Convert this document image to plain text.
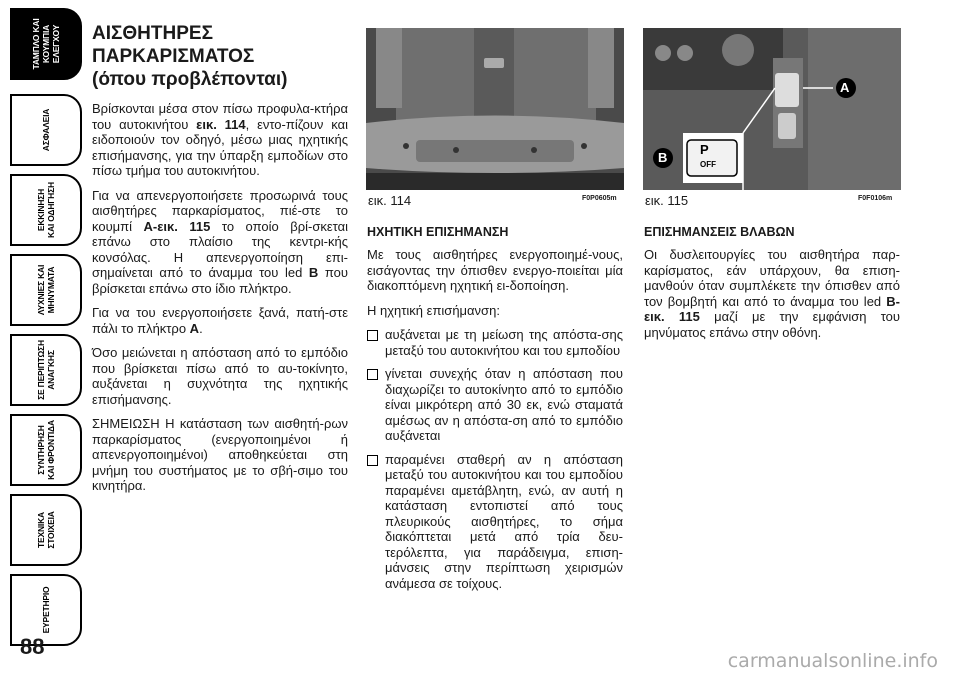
ΤΑΜΠΛΟ ΚΑΙ
ΚΟΥΜΠΙΑ
ΕΛΕΓΧΟΥ
ΑΣΦΑΛΕΙΑ
ΕΚΚΙΝΗΣΗ
ΚΑΙ ΟΔΗΓΗΣΗ
ΛΥΧΝΙΕΣ ΚΑΙ
ΜΗΝΥΜΑΤΑ
ΣΕ ΠΕΡΙΠΤΩΣΗ
ΑΝΑΓΚΗΣ
ΣΥΝΤΗΡΗΣΗ
ΚΑΙ ΦΡΟΝΤΙΔΑ
ΤΕΧΝΙΚΑ
ΣΤΟΙΧΕΙΑ
ΕΥΡΕΤΗΡΙΟ
88
ΑΙΣΘΗΤΗΡΕΣ
ΠΑΡΚΑΡΙΣΜΑΤΟΣ
(όπου προβλέπονται)

Βρίσκονται μέσα στον πίσω προφυλα-κτήρα του αυτοκινήτου εικ. 114, εντο-πίζουν και ειδοποιούν τον οδηγό, μέσω μιας ηχητικής επισήμανσης, για την ύπαρξη εμποδίων στο πίσω τμήμα του αυτοκινήτου.

Για να απενεργοποιήσετε προσωρινά τους αισθητήρες παρκαρίσματος, πιέ-στε το κουμπί A-εικ. 115 το οποίο βρί-σκεται επάνω στο πλαίσιο της κεντρι-κής κονσόλας. Η απενεργοποίηση επι-σημαίνεται από το άναμμα του led B που βρίσκεται επάνω στο ίδιο πλήκτρο.

Για να του ενεργοποιήσετε ξανά, πατή-στε πάλι το πλήκτρο A.

Όσο μειώνεται η απόσταση από το εμπόδιο που βρίσκεται πίσω από το αυ-τοκίνητο, αυξάνεται η συχνότητα της ηχητικής επισήμανσης.

ΣΗΜΕΙΩΣΗ Η κατάσταση των αισθητή-ρων παρκαρίσματος (ενεργοποιημένοι ή απενεργοποιημένοι) αποθηκεύεται στη μνήμη του συστήματος με το σβή-σιμο του κινητήρα.

εικ. 114	F0P0605m
A
B
P
OFF
εικ. 115	F0F0106m
ΗΧΗΤΙΚΗ ΕΠΙΣΗΜΑΝΣΗ

Με τους αισθητήρες ενεργοποιημέ-νους, εισάγοντας την όπισθεν ενεργο-ποιείται μία διακοπτόμενη ηχητική ει-δοποίηση.

Η ηχητική επισήμανση:

αυξάνεται με τη μείωση της απόστα-σης μεταξύ του αυτοκινήτου και του εμποδίου
γίνεται συνεχής όταν η απόσταση που διαχωρίζει το αυτοκίνητο από το εμπόδιο είναι μικρότερη από 30 εκ, ενώ σταματά αμέσως αν η απόστα-ση από το εμπόδιο αυξάνεται
παραμένει σταθερή αν η απόσταση μεταξύ του αυτοκινήτου και του εμποδίου παραμένει αμετάβλητη, ενώ, αν αυτή η κατάσταση εντοπιστεί από τους πλευρικούς αισθητήρες, το σήμα διακόπτεται μετά από τρία δευ-τερόλεπτα, για παράδειγμα, επιση-μάνσεις στην περίπτωση χειρισμών ανάμεσα σε τοίχους.
ΕΠΙΣΗΜΑΝΣΕΙΣ ΒΛΑΒΩΝ

Οι δυσλειτουργίες του αισθητήρα παρ-καρίσματος, εάν υπάρχουν, θα επιση-μανθούν όταν συμπλέκετε την όπισθεν από τον βομβητή και από το άναμμα του led B-εικ. 115 μαζί με την εμφάνιση του μηνύματος επάνω στην οθόνη.

carmanualsonline.info
